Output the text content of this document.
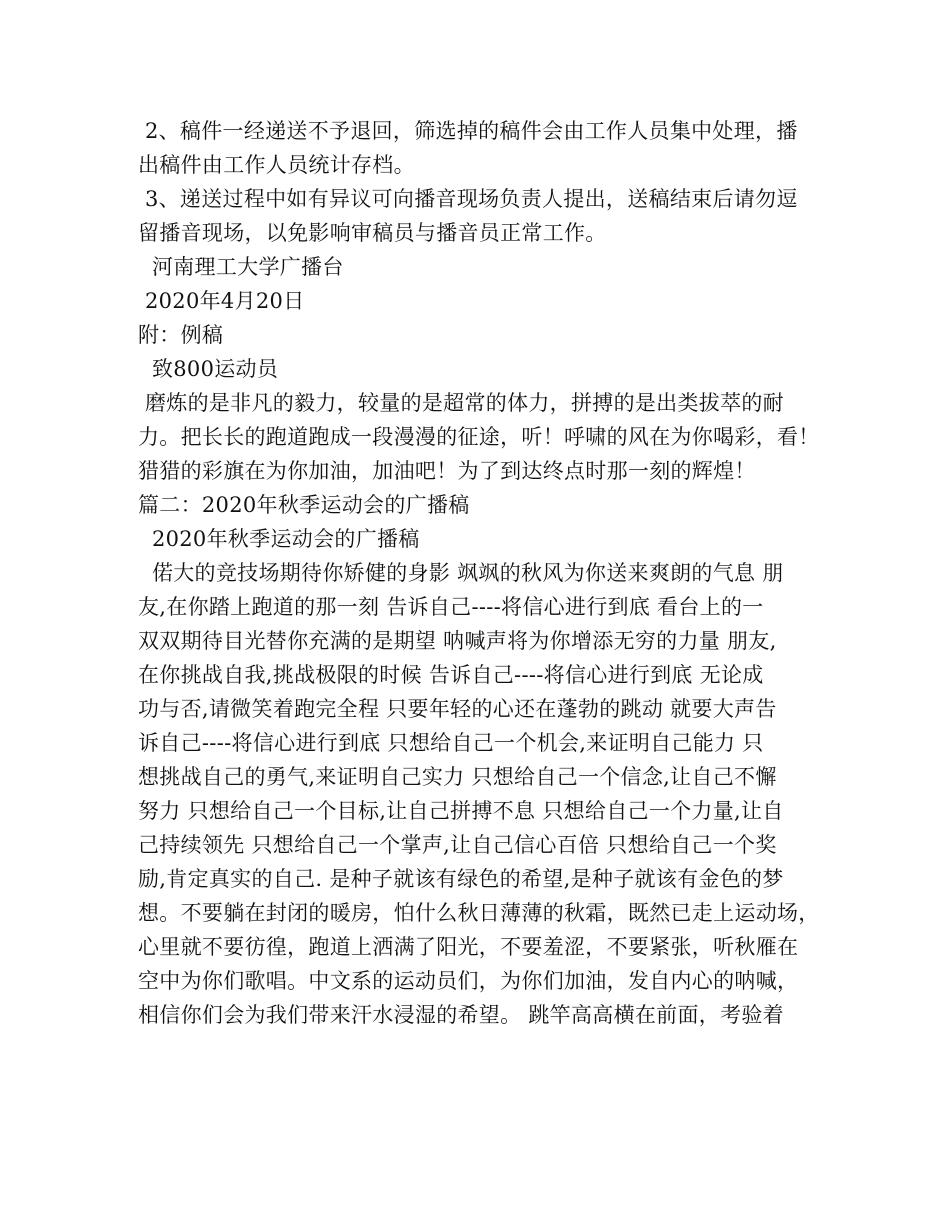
2、稿件一经递送不予退回，筛选掉的稿件会由工作人员集中处理，播
出稿件由工作人员统计存档。
3、递送过程中如有异议可向播音现场负责人提出，送稿结束后请勿逗
留播音现场，以免影响审稿员与播音员正常工作。
河南理工大学广播台
2020年4月20日
附：例稿
致800运动员
磨炼的是非凡的毅力，较量的是超常的体力，拼搏的是出类拔萃的耐
力。把长长的跑道跑成一段漫漫的征途，听！呼啸的风在为你喝彩，看！
猎猎的彩旗在为你加油，加油吧！为了到达终点时那一刻的辉煌！
篇二：2020年秋季运动会的广播稿
2020年秋季运动会的广播稿
偌大的竞技场期待你矫健的身影 飒飒的秋风为你送来爽朗的气息 朋
友,在你踏上跑道的那一刻 告诉自己----将信心进行到底 看台上的一
双双期待目光替你充满的是期望 呐喊声将为你增添无穷的力量 朋友,
在你挑战自我,挑战极限的时候 告诉自己----将信心进行到底 无论成
功与否,请微笑着跑完全程 只要年轻的心还在蓬勃的跳动 就要大声告
诉自己----将信心进行到底 只想给自己一个机会,来证明自己能力 只
想挑战自己的勇气,来证明自己实力 只想给自己一个信念,让自己不懈
努力 只想给自己一个目标,让自己拼搏不息 只想给自己一个力量,让自
己持续领先 只想给自己一个掌声,让自己信心百倍 只想给自己一个奖
励,肯定真实的自己. 是种子就该有绿色的希望,是种子就该有金色的梦
想。不要躺在封闭的暖房，怕什么秋日薄薄的秋霜，既然已走上运动场，
心里就不要彷徨，跑道上洒满了阳光，不要羞涩，不要紧张，听秋雁在
空中为你们歌唱。中文系的运动员们，为你们加油，发自内心的呐喊，
相信你们会为我们带来汗水浸湿的希望。 跳竿高高横在前面，考验着
